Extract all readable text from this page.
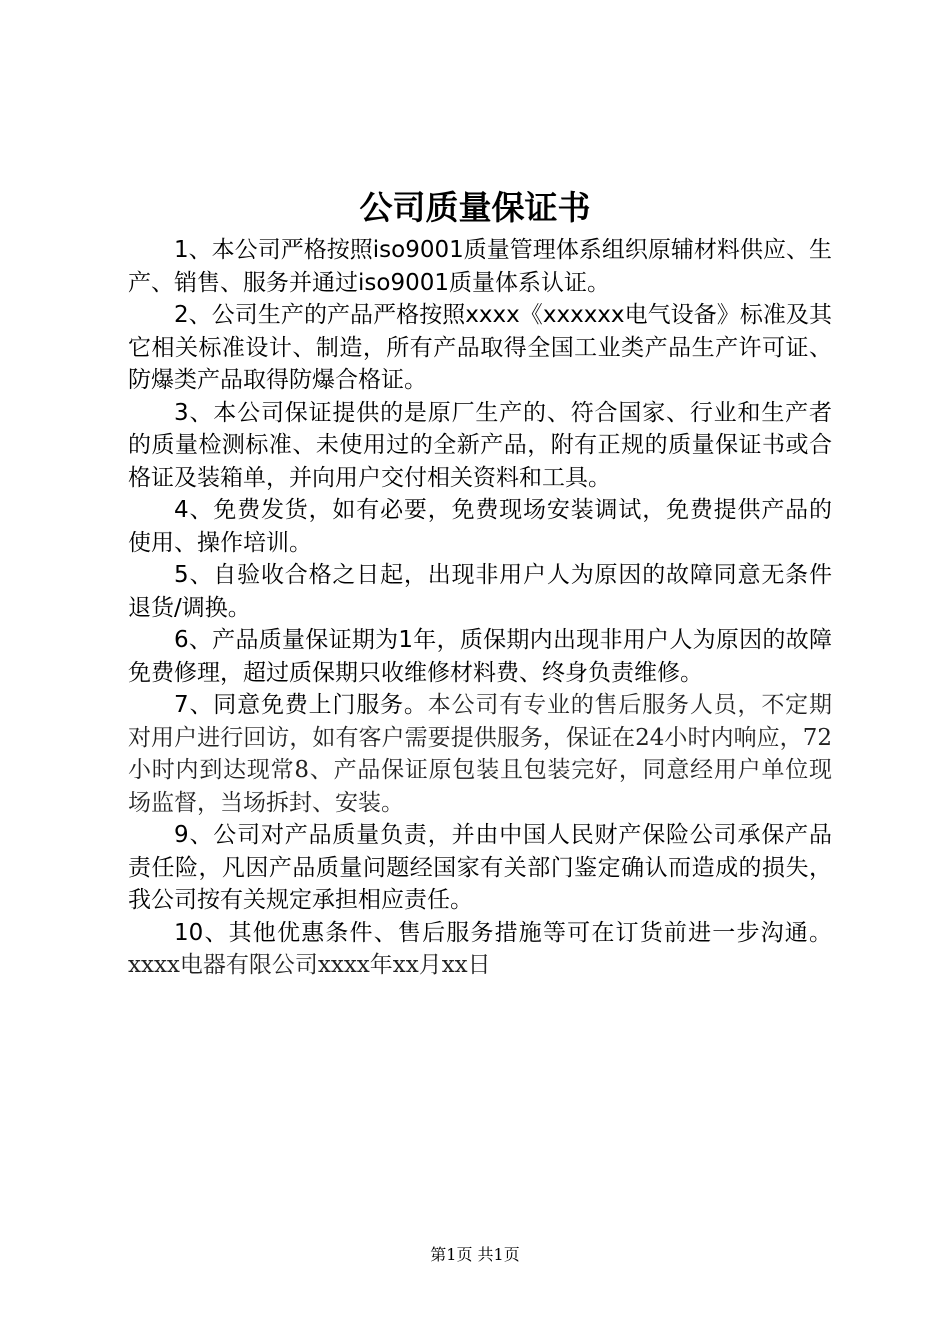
公司质量保证书

1、本公司严格按照iso9001质量管理体系组织原辅材料供应、生产、销售、服务并通过iso9001质量体系认证。

2、公司生产的产品严格按照xxxx《xxxxxx电气设备》标准及其它相关标准设计、制造，所有产品取得全国工业类产品生产许可证、防爆类产品取得防爆合格证。

3、本公司保证提供的是原厂生产的、符合国家、行业和生产者的质量检测标准、未使用过的全新产品，附有正规的质量保证书或合格证及装箱单，并向用户交付相关资料和工具。

4、免费发货，如有必要，免费现场安装调试，免费提供产品的使用、操作培训。

5、自验收合格之日起，出现非用户人为原因的故障同意无条件退货/调换。

6、产品质量保证期为1年，质保期内出现非用户人为原因的故障免费修理，超过质保期只收维修材料费、终身负责维修。

7、同意免费上门服务。本公司有专业的售后服务人员，不定期对用户进行回访，如有客户需要提供服务，保证在24小时内响应，72小时内到达现常8、产品保证原包装且包装完好，同意经用户单位现场监督，当场拆封、安装。

9、公司对产品质量负责，并由中国人民财产保险公司承保产品责任险，凡因产品质量问题经国家有关部门鉴定确认而造成的损失，我公司按有关规定承担相应责任。

10、其他优惠条件、售后服务措施等可在订货前进一步沟通。xxxx电器有限公司xxxx年xx月xx日

第1页 共1页
